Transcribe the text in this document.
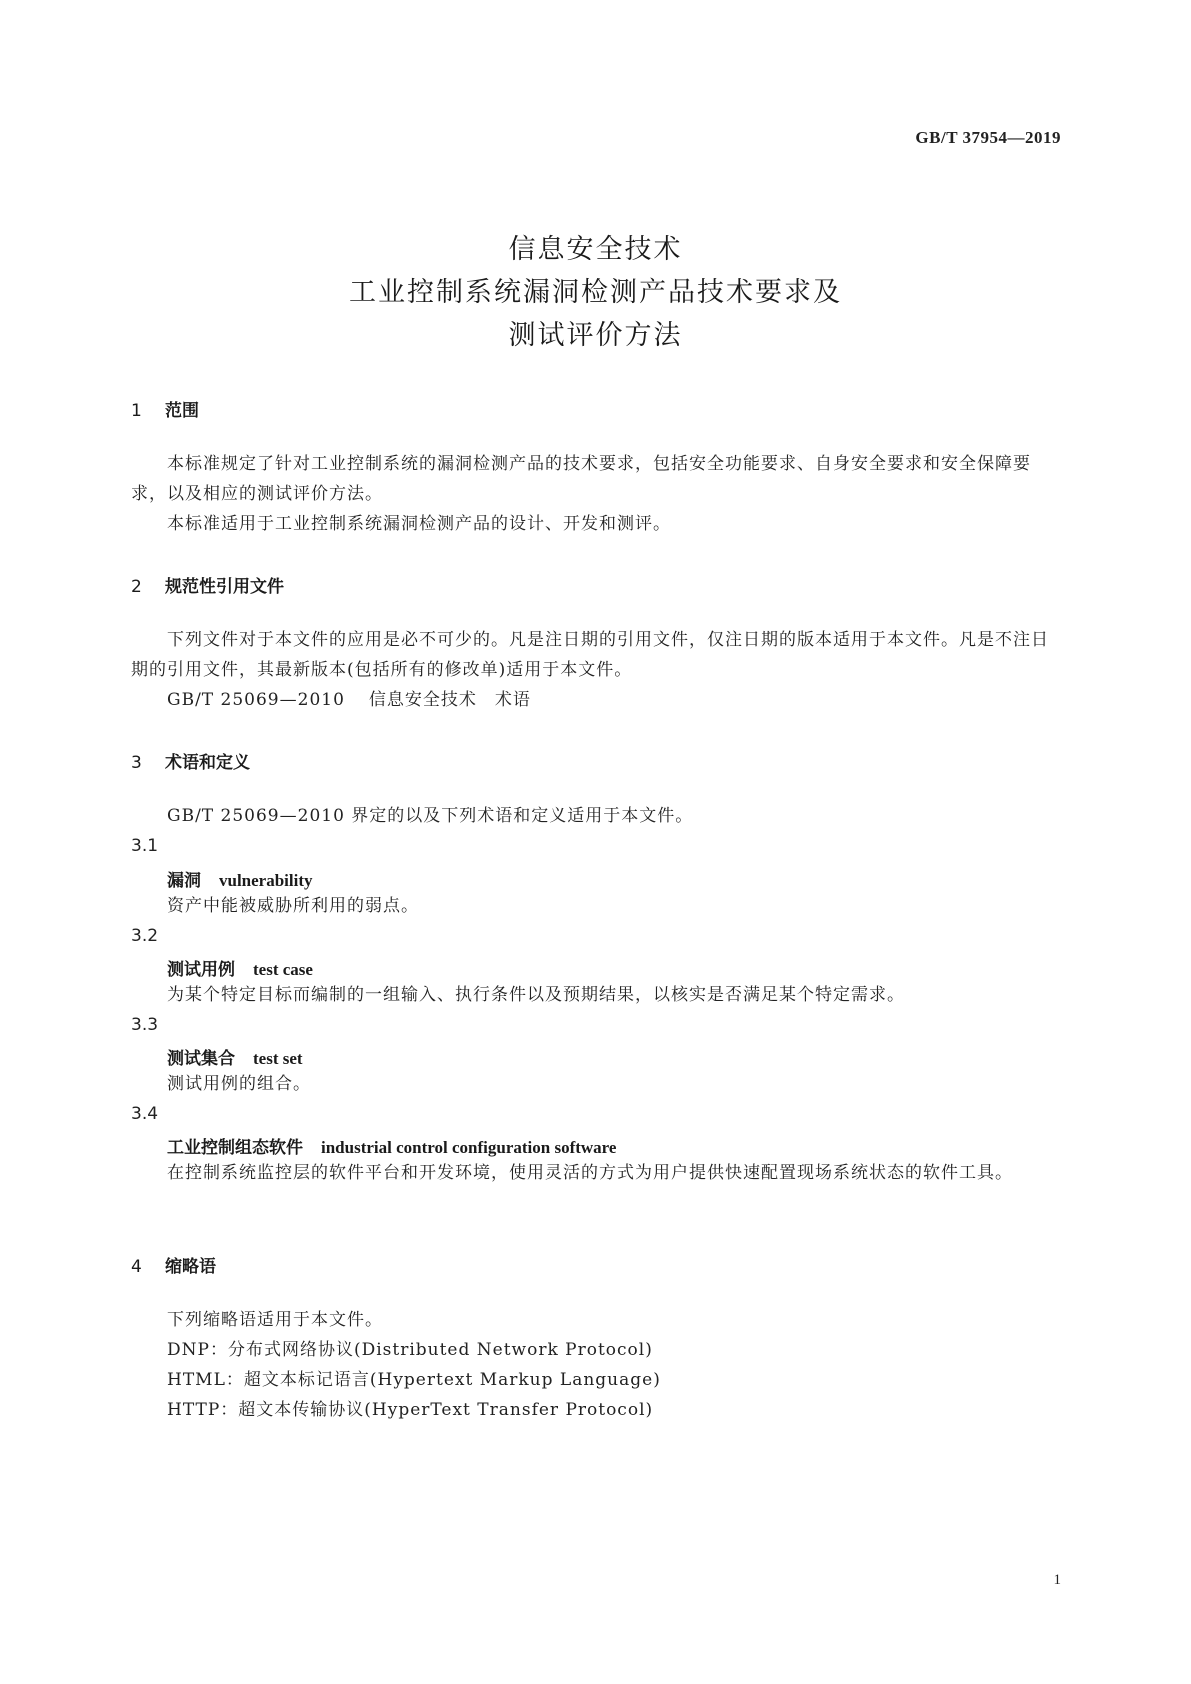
GB/T 37954—2019
信息安全技术
工业控制系统漏洞检测产品技术要求及
测试评价方法
1 范围
本标准规定了针对工业控制系统的漏洞检测产品的技术要求，包括安全功能要求、自身安全要求和安全保障要求，以及相应的测试评价方法。
本标准适用于工业控制系统漏洞检测产品的设计、开发和测评。
2 规范性引用文件
下列文件对于本文件的应用是必不可少的。凡是注日期的引用文件，仅注日期的版本适用于本文件。凡是不注日期的引用文件，其最新版本(包括所有的修改单)适用于本文件。
GB/T 25069—2010 信息安全技术　术语
3 术语和定义
GB/T 25069—2010 界定的以及下列术语和定义适用于本文件。
3.1
漏洞 vulnerability
资产中能被威胁所利用的弱点。
3.2
测试用例 test case
为某个特定目标而编制的一组输入、执行条件以及预期结果，以核实是否满足某个特定需求。
3.3
测试集合 test set
测试用例的组合。
3.4
工业控制组态软件 industrial control configuration software
在控制系统监控层的软件平台和开发环境，使用灵活的方式为用户提供快速配置现场系统状态的软件工具。
4 缩略语
下列缩略语适用于本文件。
DNP：分布式网络协议(Distributed Network Protocol)
HTML：超文本标记语言(Hypertext Markup Language)
HTTP：超文本传输协议(HyperText Transfer Protocol)
1
